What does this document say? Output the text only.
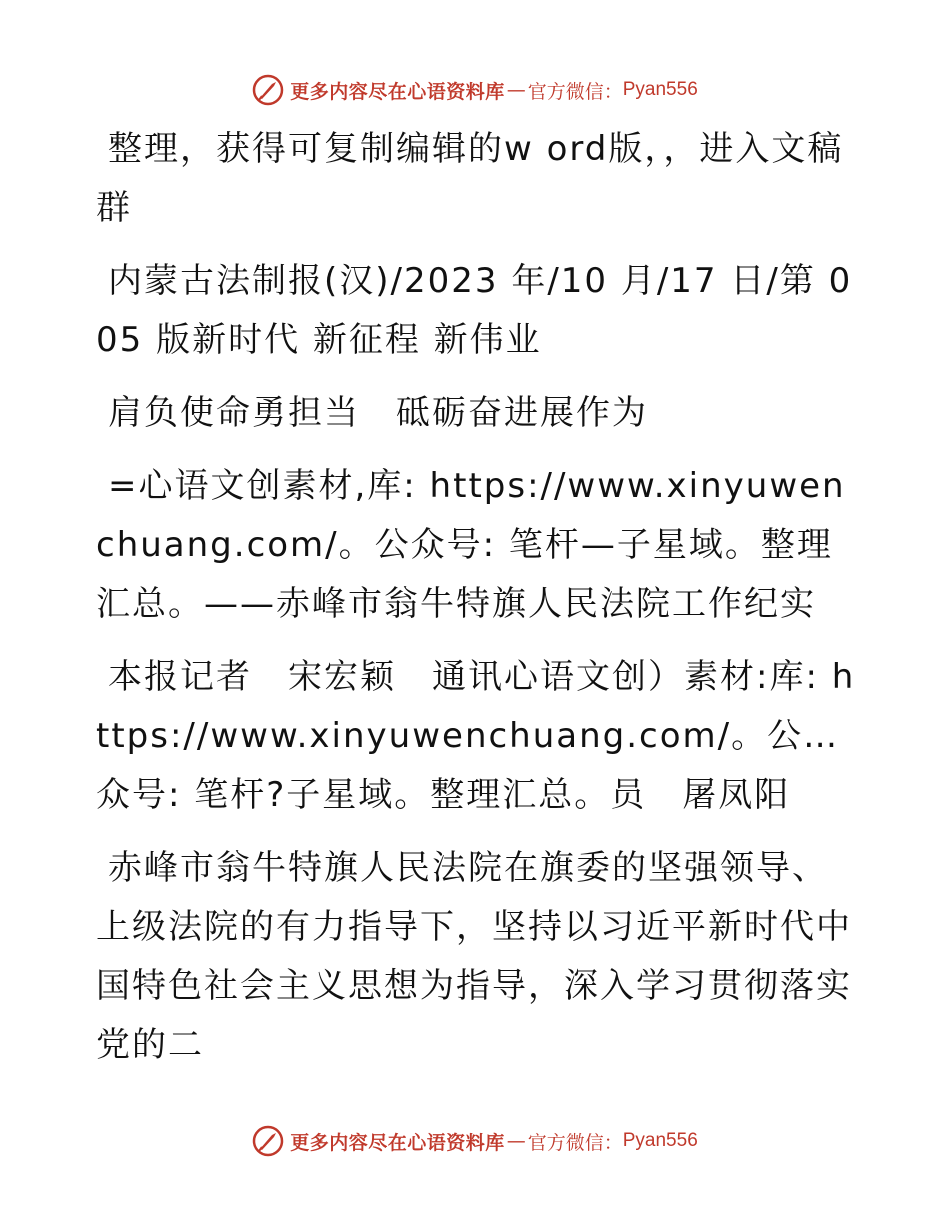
更多内容尽在心语资料库 — 官方微信： Pyan556

整理，获得可复制编辑的w ord版，，进入文稿群

内蒙古法制报(汉)/2023 年/10 月/17 日/第 005 版新时代 新征程 新伟业

肩负使命勇担当　砥砺奋进展作为

=心语文创素材,库: https://www.xinyuwenchuang.com/。公众号: 笔杆—子星域。整理汇总。——赤峰市翁牛特旗人民法院工作纪实

本报记者　宋宏颖　通讯心语文创）素材:库: https://www.xinyuwenchuang.com/。公…众号: 笔杆?子星域。整理汇总。员　屠凤阳

赤峰市翁牛特旗人民法院在旗委的坚强领导、上级法院的有力指导下，坚持以习近平新时代中国特色社会主义思想为指导，深入学习贯彻落实党的二

更多内容尽在心语资料库 — 官方微信： Pyan556
